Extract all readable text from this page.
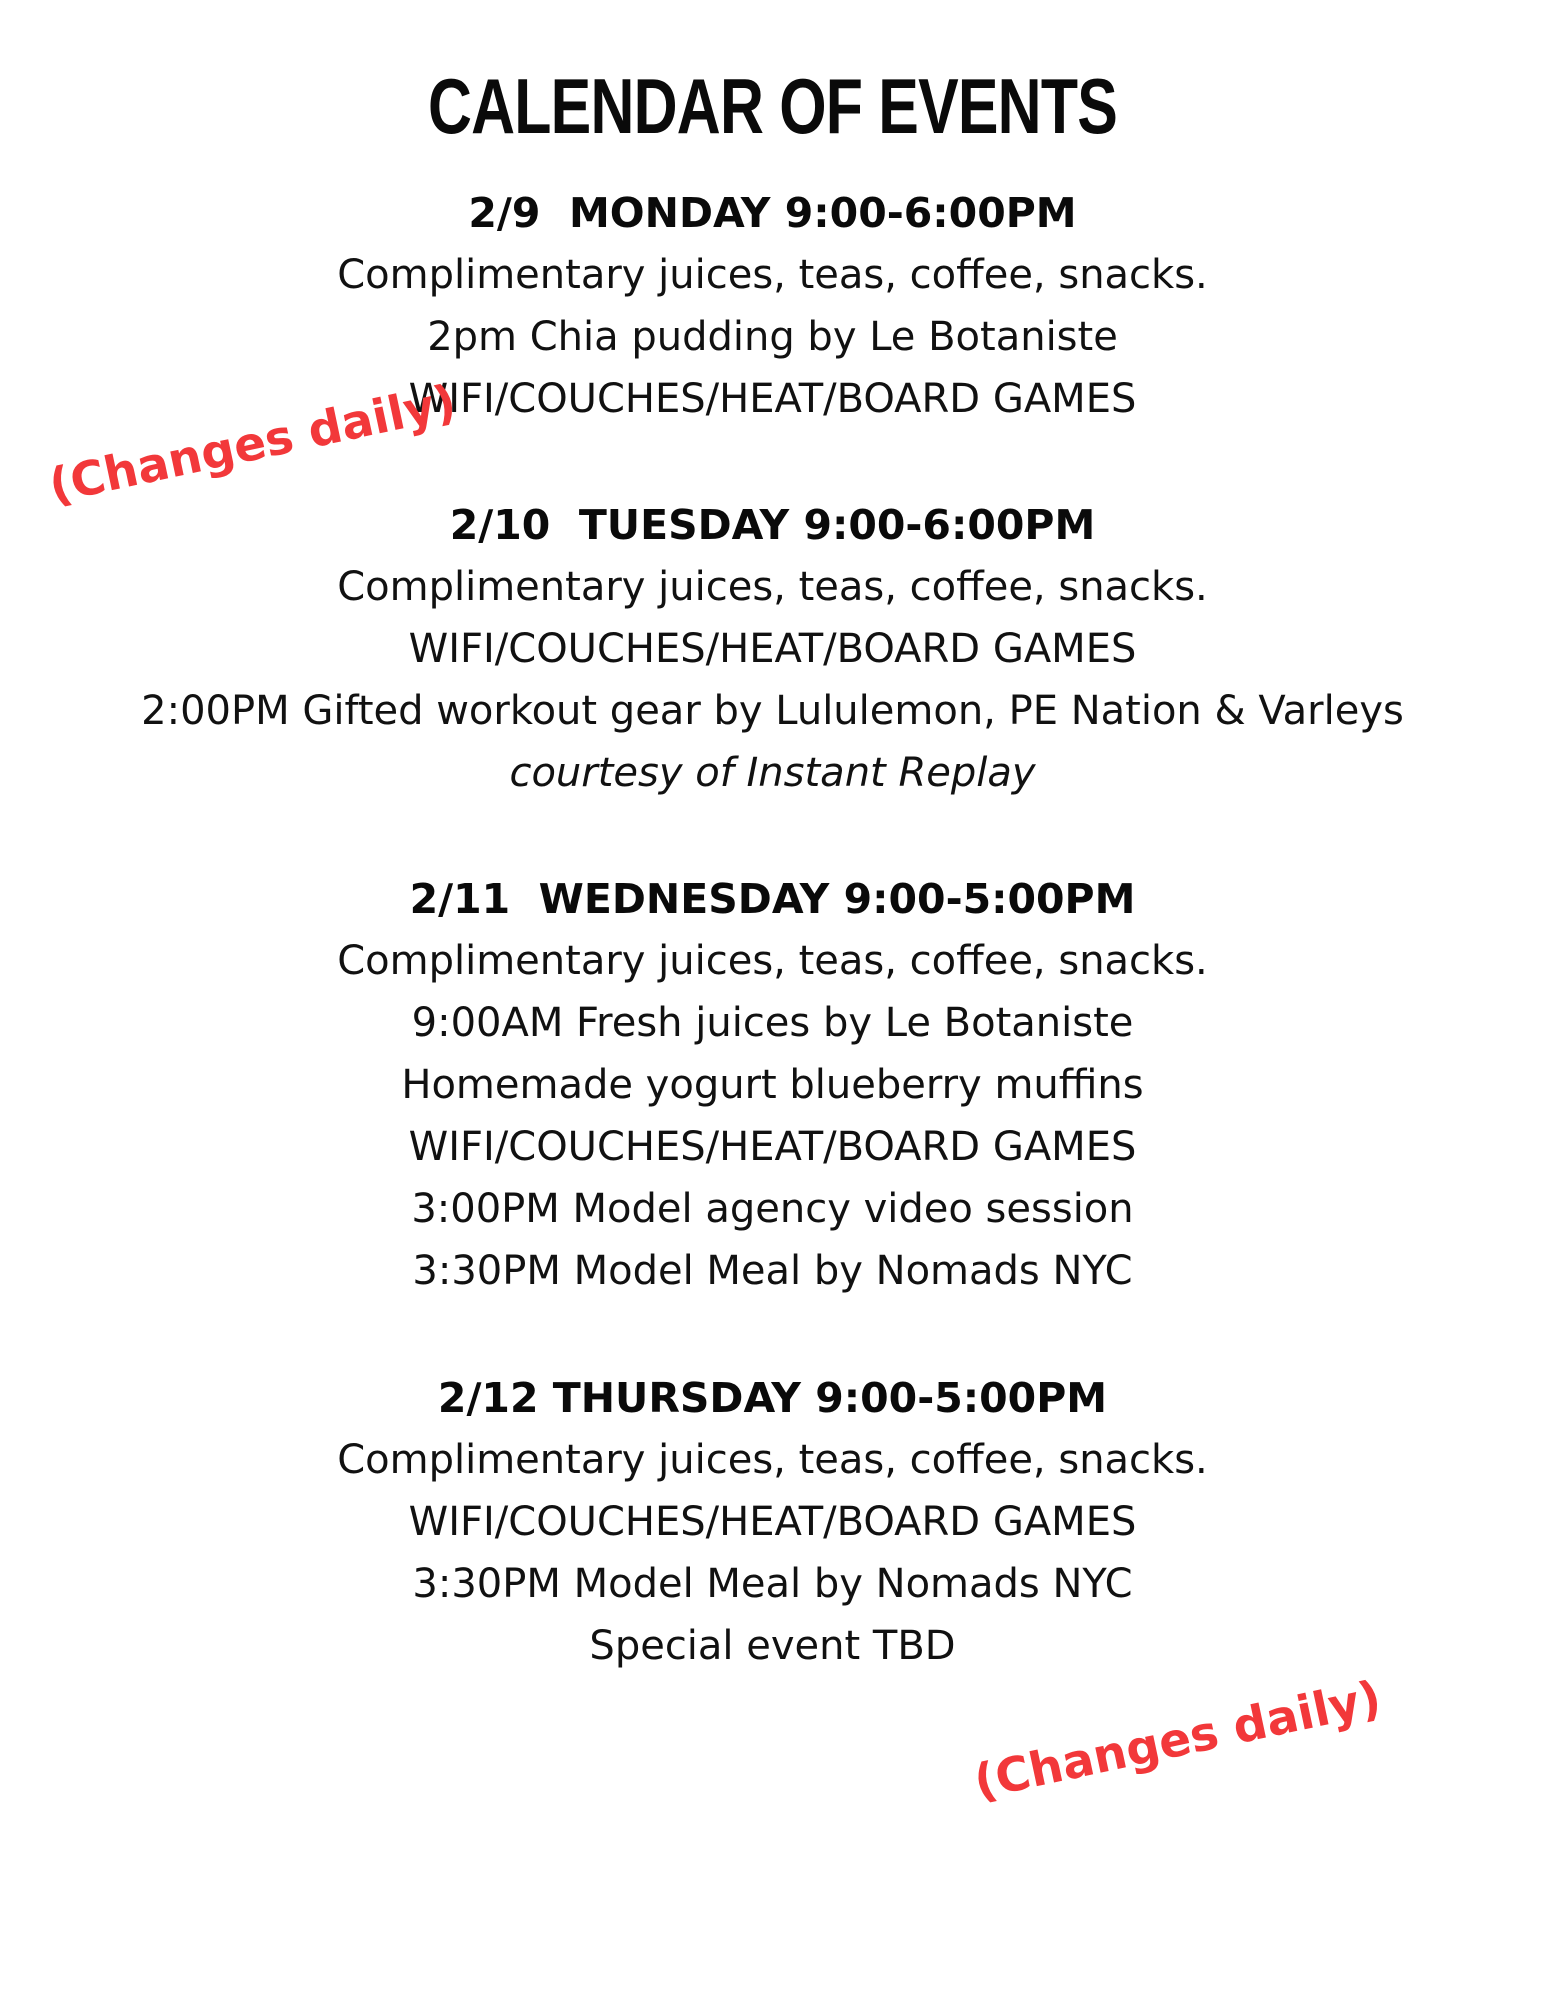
CALENDAR OF EVENTS
2/9  MONDAY 9:00-6:00PM
Complimentary juices, teas, coffee, snacks.
2pm Chia pudding by Le Botaniste
WIFI/COUCHES/HEAT/BOARD GAMES
2/10  TUESDAY 9:00-6:00PM
Complimentary juices, teas, coffee, snacks.
WIFI/COUCHES/HEAT/BOARD GAMES
2:00PM Gifted workout gear by Lululemon, PE Nation & Varleys
courtesy of Instant Replay
2/11  WEDNESDAY 9:00-5:00PM
Complimentary juices, teas, coffee, snacks.
9:00AM Fresh juices by Le Botaniste
Homemade yogurt blueberry muffins
WIFI/COUCHES/HEAT/BOARD GAMES
3:00PM Model agency video session
3:30PM Model Meal by Nomads NYC
2/12 THURSDAY 9:00-5:00PM
Complimentary juices, teas, coffee, snacks.
WIFI/COUCHES/HEAT/BOARD GAMES
3:30PM Model Meal by Nomads NYC
Special event TBD
(Changes daily)
(Changes daily)
